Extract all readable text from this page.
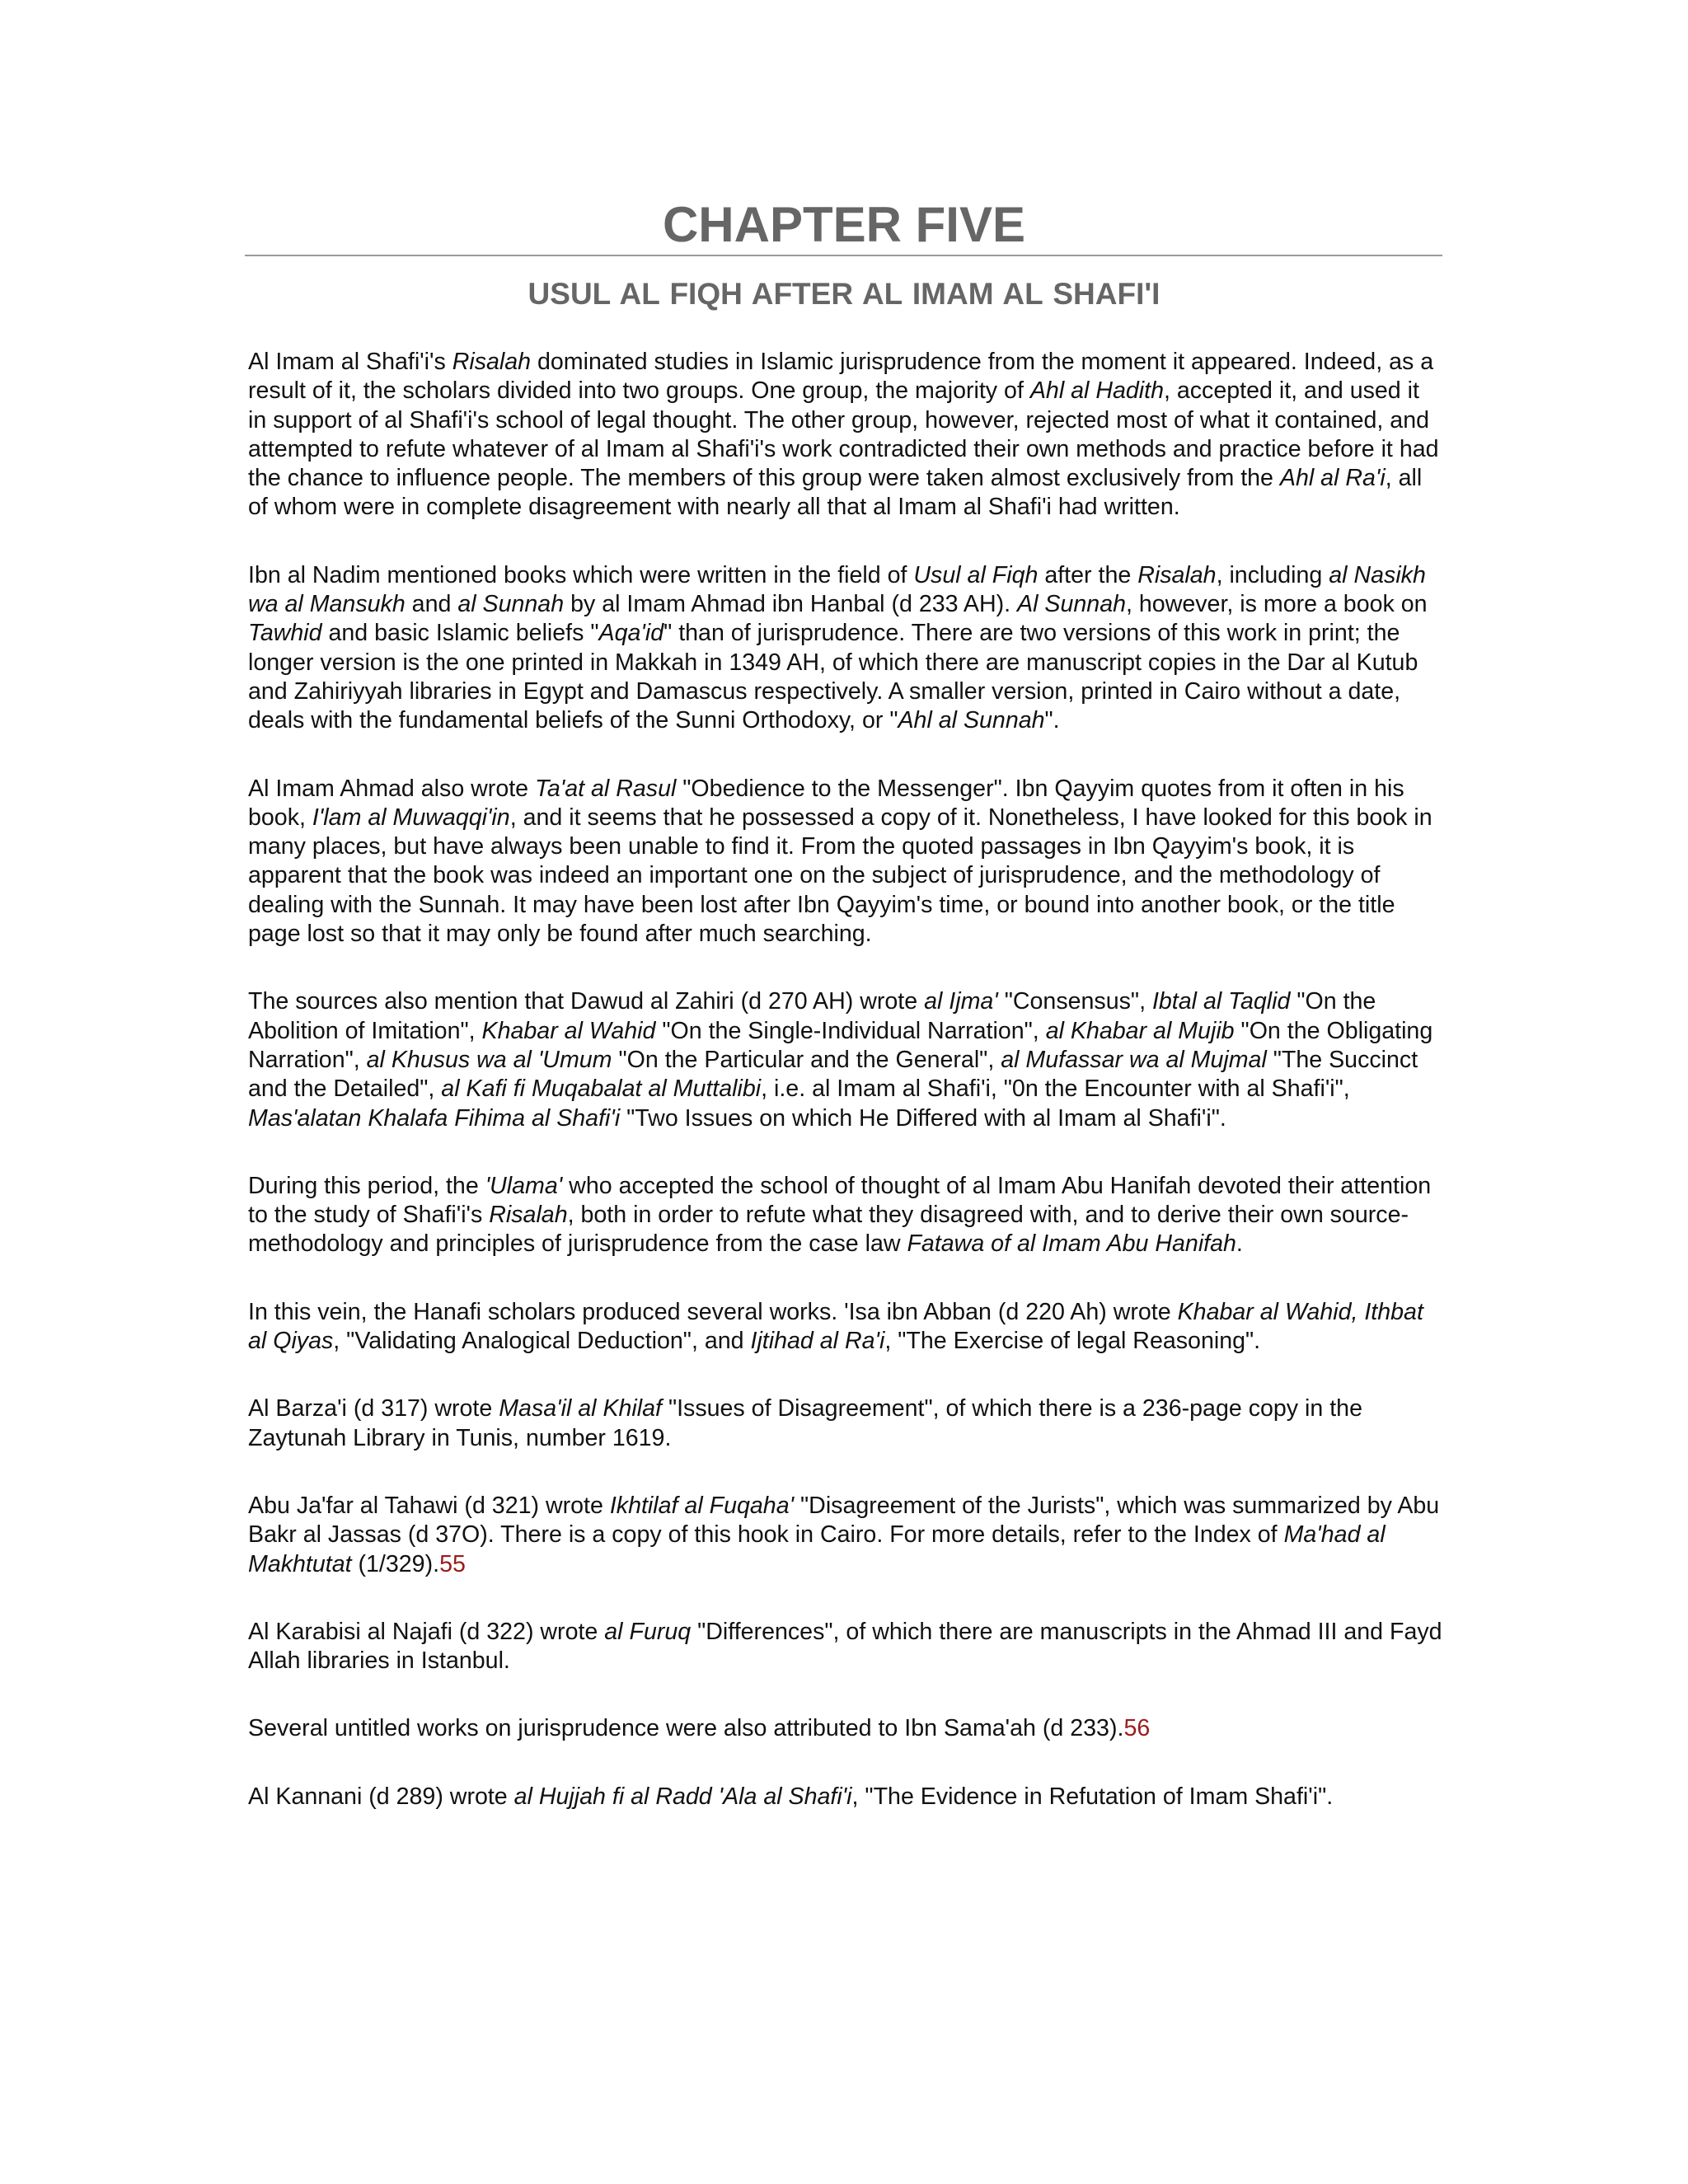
CHAPTER FIVE
USUL AL FIQH AFTER AL IMAM AL SHAFI'I

Al Imam al Shafi'i's Risalah dominated studies in Islamic jurisprudence from the moment it appeared. Indeed, as a result of it, the scholars divided into two groups. One group, the majority of Ahl al Hadith, accepted it, and used it in support of al Shafi'i's school of legal thought. The other group, however, rejected most of what it contained, and attempted to refute whatever of al Imam al Shafi'i's work contradicted their own methods and practice before it had the chance to influence people. The members of this group were taken almost exclusively from the Ahl al Ra'i, all of whom were in complete disagreement with nearly all that al Imam al Shafi'i had written.

Ibn al Nadim mentioned books which were written in the field of Usul al Fiqh after the Risalah, including al Nasikh wa al Mansukh and al Sunnah by al Imam Ahmad ibn Hanbal (d 233 AH). Al Sunnah, however, is more a book on Tawhid and basic Islamic beliefs "Aqa'id" than of jurisprudence. There are two versions of this work in print; the longer version is the one printed in Makkah in 1349 AH, of which there are manuscript copies in the Dar al Kutub and Zahiriyyah libraries in Egypt and Damascus respectively. A smaller version, printed in Cairo without a date, deals with the fundamental beliefs of the Sunni Orthodoxy, or "Ahl al Sunnah".

Al Imam Ahmad also wrote Ta'at al Rasul "Obedience to the Messenger". Ibn Qayyim quotes from it often in his book, I'lam al Muwaqqi'in, and it seems that he possessed a copy of it. Nonetheless, I have looked for this book in many places, but have always been unable to find it. From the quoted passages in Ibn Qayyim's book, it is apparent that the book was indeed an important one on the subject of jurisprudence, and the methodology of dealing with the Sunnah. It may have been lost after Ibn Qayyim's time, or bound into another book, or the title page lost so that it may only be found after much searching.

The sources also mention that Dawud al Zahiri (d 270 AH) wrote al Ijma' "Consensus", Ibtal al Taqlid "On the Abolition of Imitation", Khabar al Wahid "On the Single-Individual Narration", al Khabar al Mujib "On the Obligating Narration", al Khusus wa al 'Umum "On the Particular and the General", al Mufassar wa al Mujmal "The Succinct and the Detailed", al Kafi fi Muqabalat al Muttalibi, i.e. al Imam al Shafi'i, "0n the Encounter with al Shafi'i", Mas'alatan Khalafa Fihima al Shafi'i "Two Issues on which He Differed with al Imam al Shafi'i".

During this period, the 'Ulama' who accepted the school of thought of al Imam Abu Hanifah devoted their attention to the study of Shafi'i's Risalah, both in order to refute what they disagreed with, and to derive their own source-methodology and principles of jurisprudence from the case law Fatawa of al Imam Abu Hanifah.

In this vein, the Hanafi scholars produced several works. 'Isa ibn Abban (d 220 Ah) wrote Khabar al Wahid, Ithbat al Qiyas, "Validating Analogical Deduction", and Ijtihad al Ra'i, "The Exercise of legal Reasoning".

Al Barza'i (d 317) wrote Masa'il al Khilaf "Issues of Disagreement", of which there is a 236-page copy in the Zaytunah Library in Tunis, number 1619.

Abu Ja'far al Tahawi (d 321) wrote Ikhtilaf al Fuqaha' "Disagreement of the Jurists", which was summarized by Abu Bakr al Jassas (d 37O). There is a copy of this hook in Cairo. For more details, refer to the Index of Ma'had al Makhtutat (1/329).55

Al Karabisi al Najafi (d 322) wrote al Furuq "Differences", of which there are manuscripts in the Ahmad III and Fayd Allah libraries in Istanbul.

Several untitled works on jurisprudence were also attributed to Ibn Sama'ah (d 233).56

Al Kannani (d 289) wrote al Hujjah fi al Radd 'Ala al Shafi'i, "The Evidence in Refutation of Imam Shafi'i".
